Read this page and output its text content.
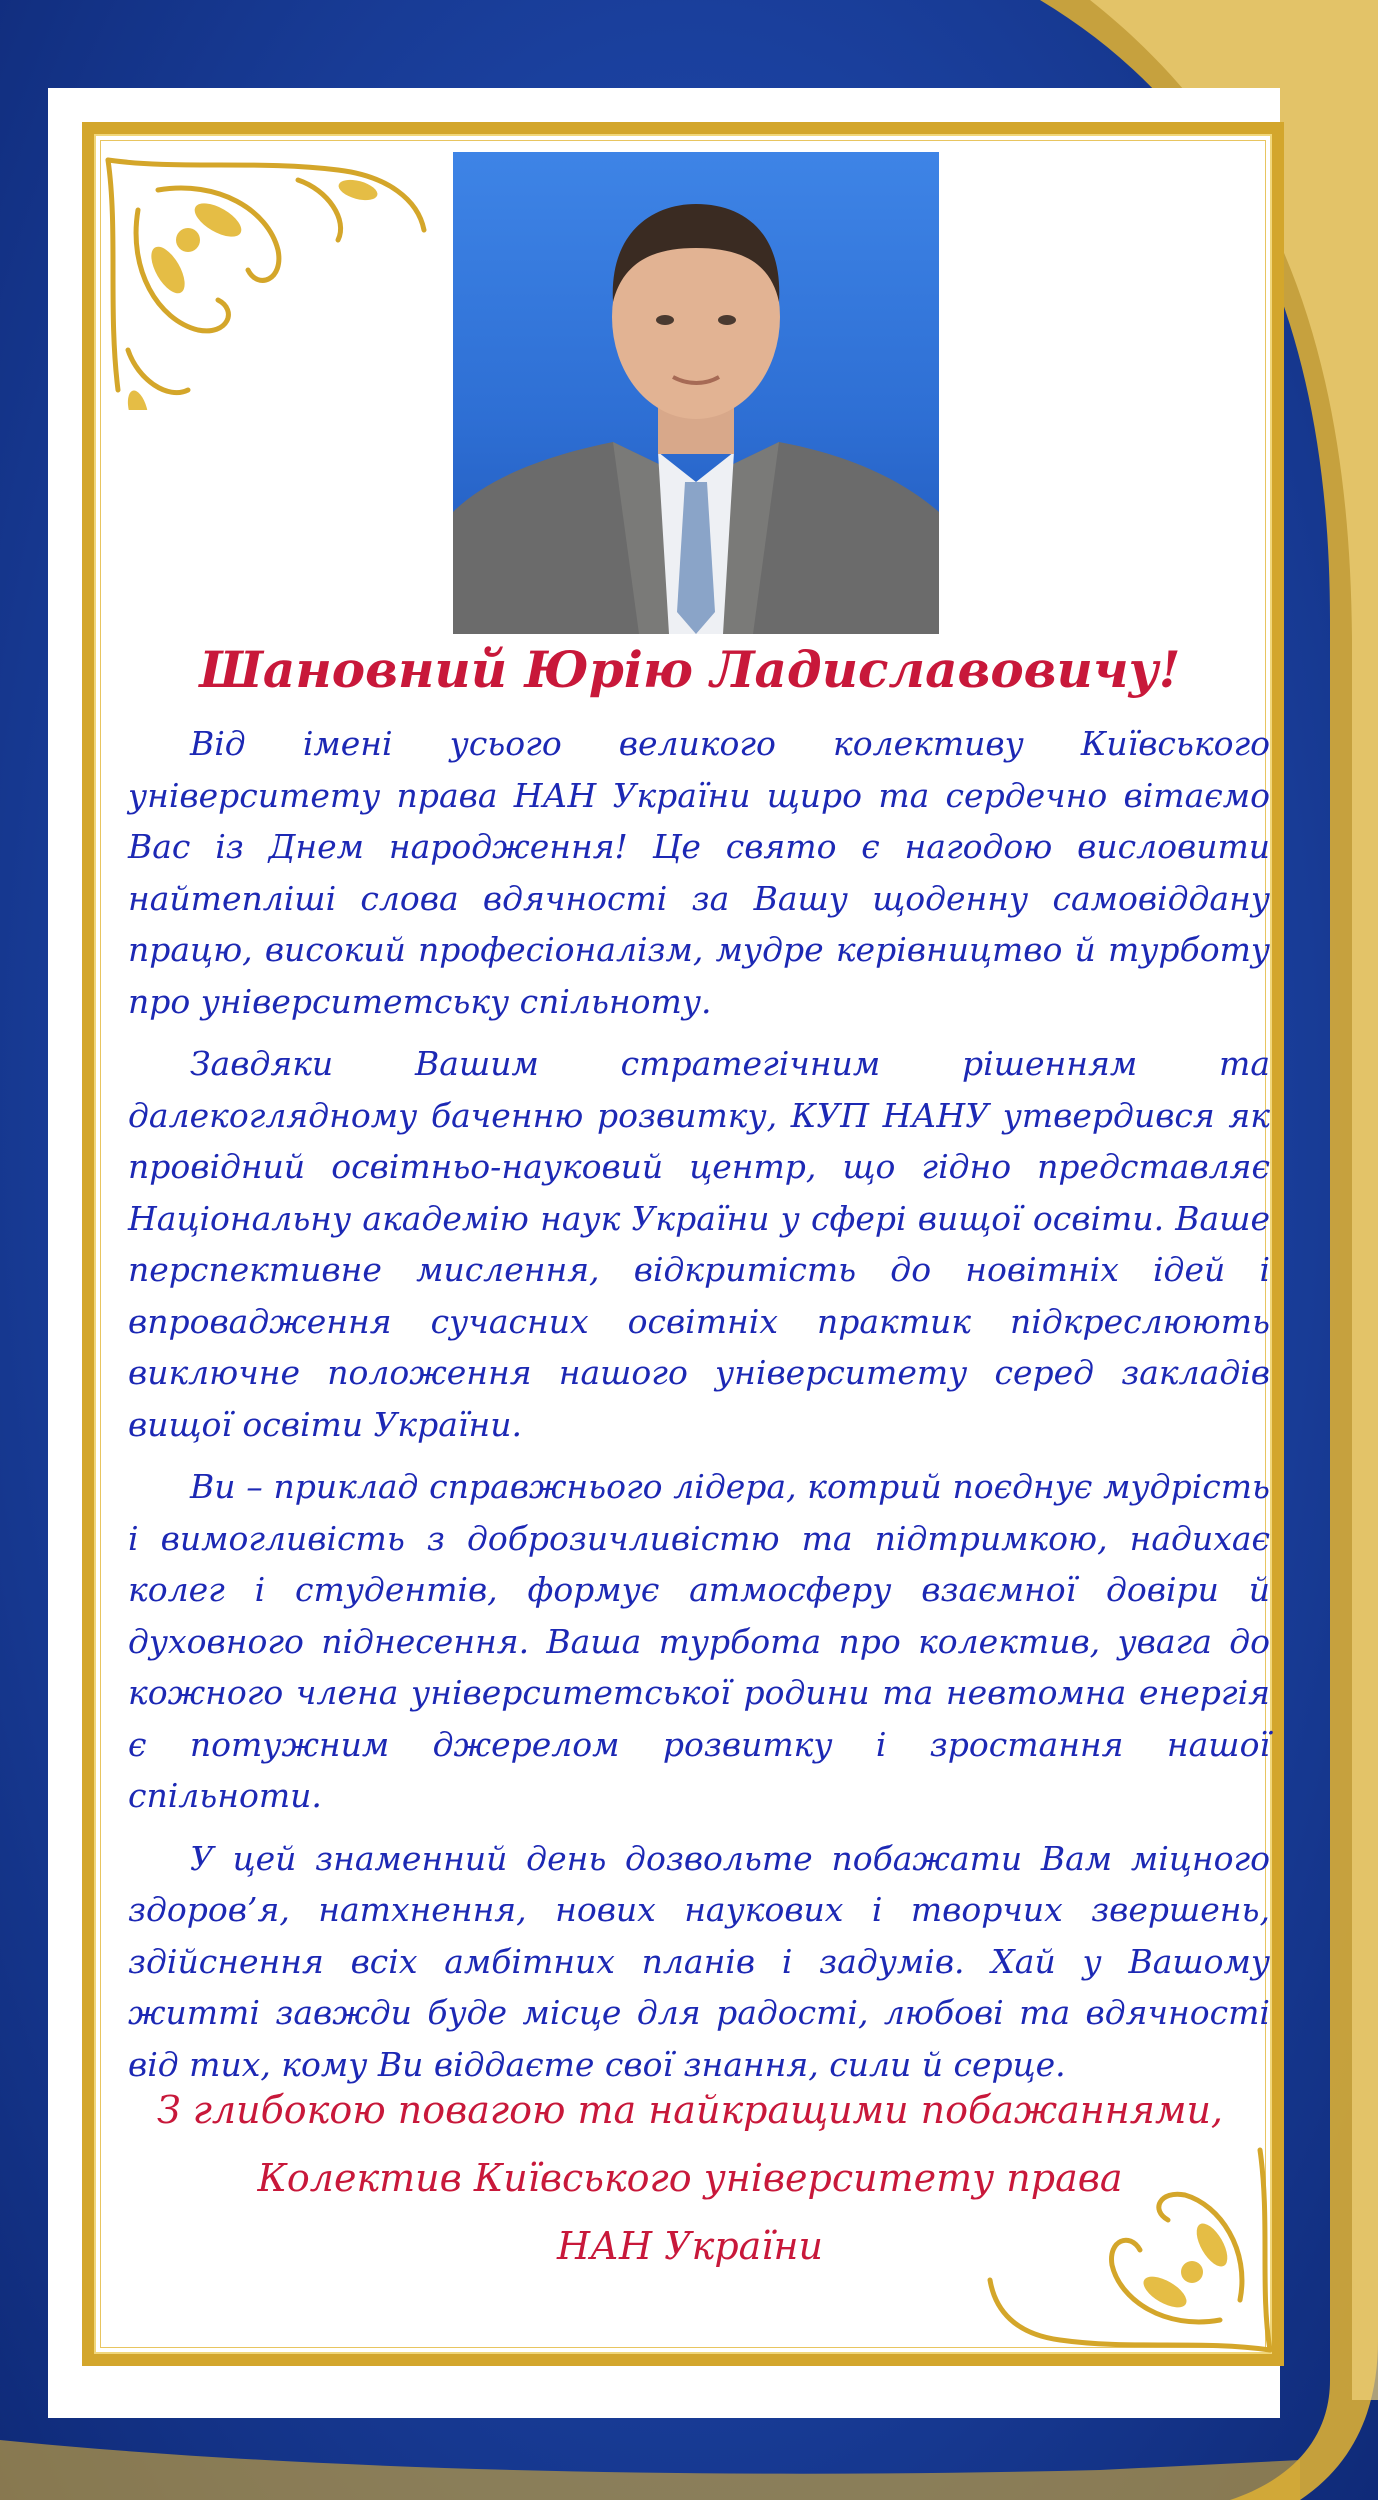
Шановний Юрію Ладиславовичу!

Від імені усього великого колективу Київського університету права НАН України щиро та сердечно вітаємо Вас із Днем народження! Це свято є нагодою висловити найтепліші слова вдячності за Вашу щоденну самовіддану працю, високий професіоналізм, мудре керівництво й турботу про університетську спільноту.

Завдяки Вашим стратегічним рішенням та далекоглядному баченню розвитку, КУП НАНУ утвердився як провідний освітньо-науковий центр, що гідно представляє Національну академію наук України у сфері вищої освіти. Ваше перспективне мислення, відкритість до новітніх ідей і впровадження сучасних освітніх практик підкреслюють виключне положення нашого університету серед закладів вищої освіти України.

Ви – приклад справжнього лідера, котрий поєднує мудрість і вимогливість з доброзичливістю та підтримкою, надихає колег і студентів, формує атмосферу взаємної довіри й духовного піднесення. Ваша турбота про колектив, увага до кожного члена університетської родини та невтомна енергія є потужним джерелом розвитку і зростання нашої спільноти.

У цей знаменний день дозвольте побажати Вам міцного здоров’я, натхнення, нових наукових і творчих звершень, здійснення всіх амбітних планів і задумів. Хай у Вашому житті завжди буде місце для радості, любові та вдячності від тих, кому Ви віддаєте свої знання, сили й серце.

З глибокою повагою та найкращими побажаннями,
Колектив Київського університету права
НАН України
